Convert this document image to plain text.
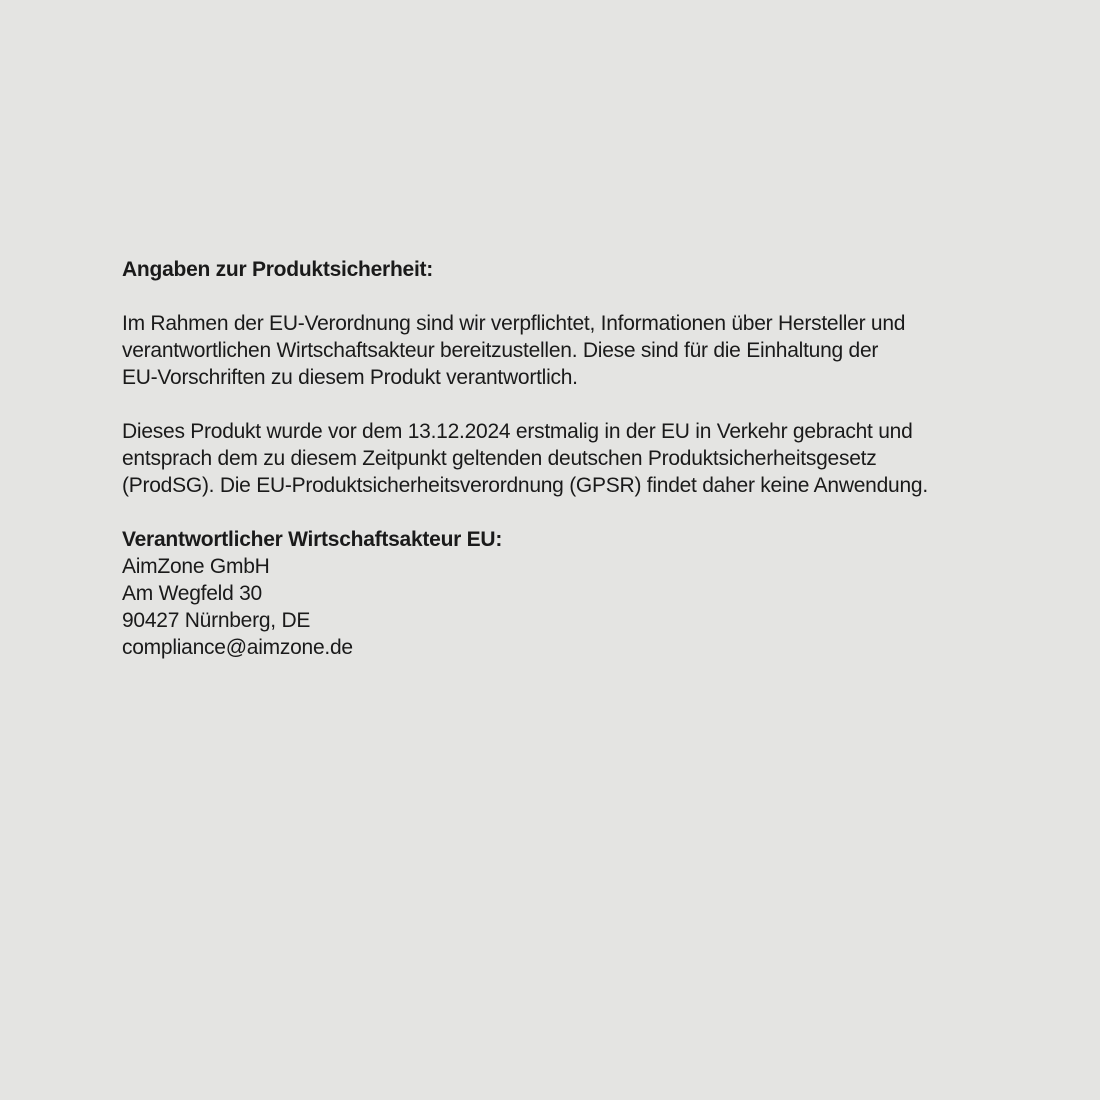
Angaben zur Produktsicherheit:
Im Rahmen der EU-Verordnung sind wir verpflichtet, Informationen über Hersteller und
verantwortlichen Wirtschaftsakteur bereitzustellen. Diese sind für die Einhaltung der
EU-Vorschriften zu diesem Produkt verantwortlich.
Dieses Produkt wurde vor dem 13.12.2024 erstmalig in der EU in Verkehr gebracht und
entsprach dem zu diesem Zeitpunkt geltenden deutschen Produktsicherheitsgesetz
(ProdSG). Die EU-Produktsicherheitsverordnung (GPSR) findet daher keine Anwendung.
Verantwortlicher Wirtschaftsakteur EU:
AimZone GmbH
Am Wegfeld 30
90427 Nürnberg, DE
compliance@aimzone.de
